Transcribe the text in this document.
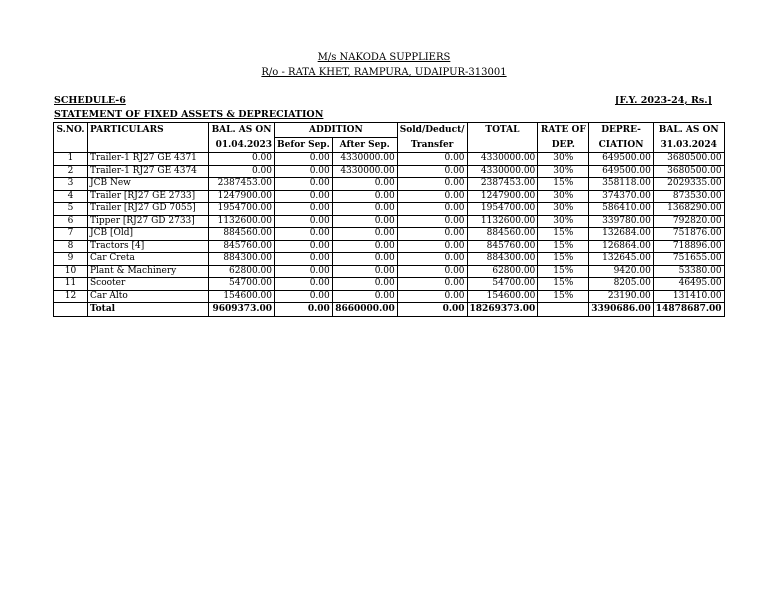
M/s NAKODA SUPPLIERS
R/o - RATA KHET, RAMPURA, UDAIPUR-313001
SCHEDULE-6	[F.Y. 2023-24, Rs.]
STATEMENT OF FIXED ASSETS & DEPRECIATION
S.NO.	PARTICULARS	BAL. AS ON	ADDITION		Sold/Deduct/	TOTAL	RATE OF	DEPRE-	BAL. AS ON
		01.04.2023	Befor Sep.	After Sep.	Transfer		DEP.	CIATION	31.03.2024
1	Trailer-1 RJ27 GE 4371	0.00	0.00	4330000.00	0.00	4330000.00	30%	649500.00	3680500.00
2	Trailer-1 RJ27 GE 4374	0.00	0.00	4330000.00	0.00	4330000.00	30%	649500.00	3680500.00
3	JCB New	2387453.00	0.00	0.00	0.00	2387453.00	15%	358118.00	2029335.00
4	Trailer [RJ27 GE 2733]	1247900.00	0.00	0.00	0.00	1247900.00	30%	374370.00	873530.00
5	Trailer [RJ27 GD 7055]	1954700.00	0.00	0.00	0.00	1954700.00	30%	586410.00	1368290.00
6	Tipper [RJ27 GD 2733]	1132600.00	0.00	0.00	0.00	1132600.00	30%	339780.00	792820.00
7	JCB [Old]	884560.00	0.00	0.00	0.00	884560.00	15%	132684.00	751876.00
8	Tractors [4]	845760.00	0.00	0.00	0.00	845760.00	15%	126864.00	718896.00
9	Car Creta	884300.00	0.00	0.00	0.00	884300.00	15%	132645.00	751655.00
10	Plant & Machinery	62800.00	0.00	0.00	0.00	62800.00	15%	9420.00	53380.00
11	Scooter	54700.00	0.00	0.00	0.00	54700.00	15%	8205.00	46495.00
12	Car Alto	154600.00	0.00	0.00	0.00	154600.00	15%	23190.00	131410.00
	Total	9609373.00	0.00	8660000.00	0.00	18269373.00		3390686.00	14878687.00
